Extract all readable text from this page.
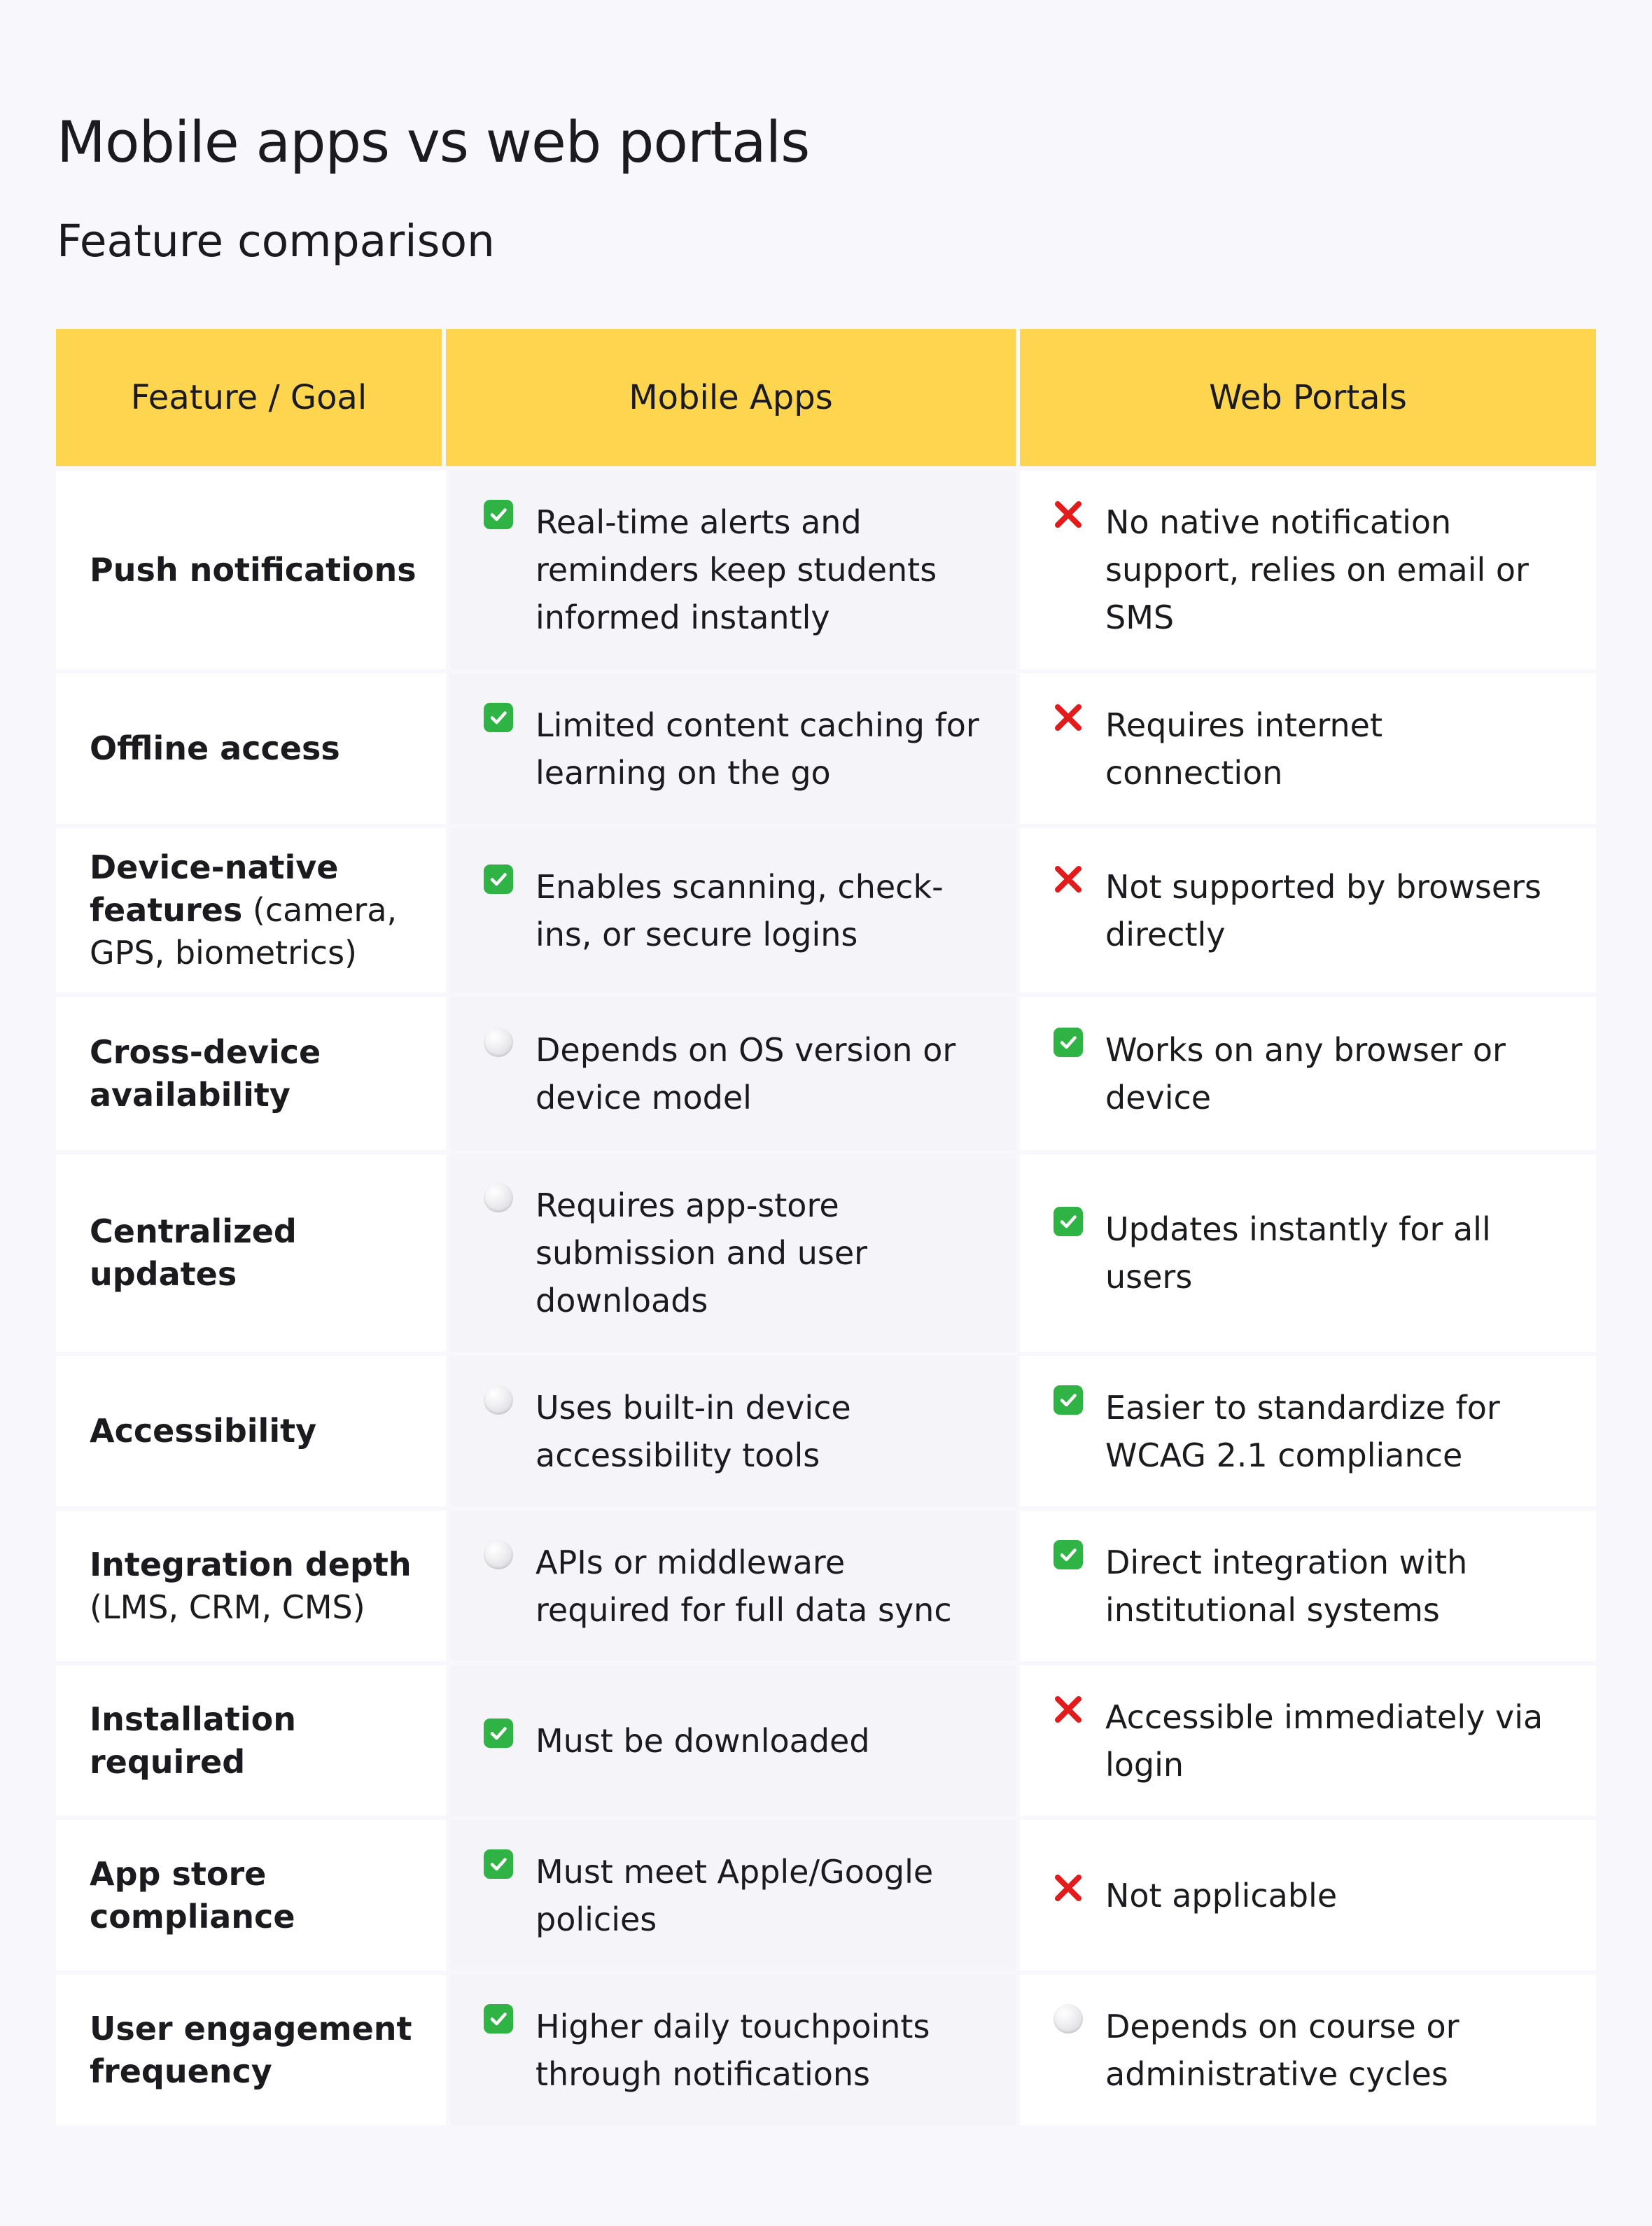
Mobile apps vs web portals
Feature comparison
Feature / Goal	Mobile Apps	Web Portals
Push notifications
Real-time alerts and reminders keep students informed instantly
No native notification support, relies on email or SMS
Offline access
Limited content caching for learning on the go
Requires internet connection
Device-native features (camera, GPS, biometrics)
Enables scanning, check-ins, or secure logins
Not supported by browsers directly
Cross-device availability
Depends on OS version or device model
Works on any browser or device
Centralized updates
Requires app-store submission and user downloads
Updates instantly for all users
Accessibility
Uses built-in device accessibility tools
Easier to standardize for WCAG 2.1 compliance
Integration depth (LMS, CRM, CMS)
APIs or middleware required for full data sync
Direct integration with institutional systems
Installation required
Must be downloaded
Accessible immediately via login
App store compliance
Must meet Apple/Google policies
Not applicable
User engagement frequency
Higher daily touchpoints through notifications
Depends on course or administrative cycles
